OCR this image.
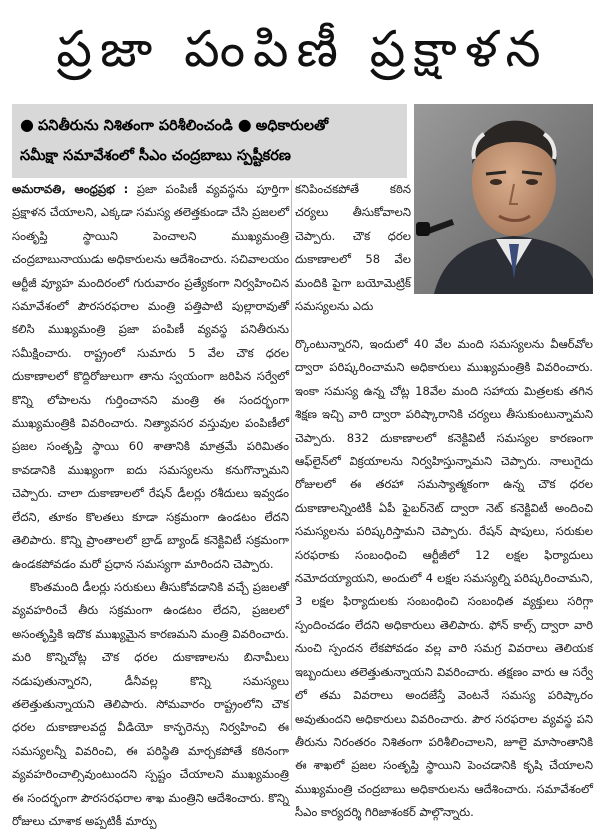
ప్రజా పంపిణీ ప్రక్షాళన
● పనితీరును నిశితంగా పరిశీలించండి ● అధికారులతో
సమీక్షా సమావేశంలో సీఎం చంద్రబాబు స్పష్టీకరణ

అమరావతి, ఆంధ్రప్రభ : ప్రజా పంపిణీ వ్యవస్థను పూర్తిగా ప్రక్షాళన చేయాలని, ఎక్కడా సమస్య తలెత్తకుండా చేసి ప్రజలలో సంతృప్తి స్థాయిని పెంచాలని ముఖ్యమంత్రి చంద్రబాబునాయుడు అధికారులను ఆదేశించారు. సచివాలయం ఆర్టీజీ వ్యూహ మందిరంలో గురువారం ప్రత్యేకంగా నిర్వహించిన సమావేశంలో పౌరసరఫరాల మంత్రి పత్తిపాటి పుల్లారావుతో కలిసి ముఖ్యమంత్రి ప్రజా పంపిణీ వ్యవస్థ పనితీరును సమీక్షించారు. రాష్ట్రంలో సుమారు 5 వేల చౌక ధరల దుకాణాలలో కొద్దిరోజులుగా తాను స్వయంగా జరిపిన సర్వేలో కొన్ని లోపాలను గుర్తించానని మంత్రి ఈ సందర్భంగా ముఖ్యమంత్రికి వివరించారు. నిత్యావసర వస్తువుల పంపిణీలో ప్రజల సంతృప్తి స్థాయి 60 శాతానికి మాత్రమే పరిమితం కావడానికి ముఖ్యంగా ఐదు సమస్యలను కనుగొన్నామని చెప్పారు. చాలా దుకాణాలలో రేషన్ డీలర్లు రశీదులు ఇవ్వడం లేదని, తూకం కొలతలు కూడా సక్రమంగా ఉండటం లేదని తెలిపారు. కొన్ని ప్రాంతాలలో బ్రాడ్ బ్యాండ్ కనెక్టివిటీ సక్రమంగా ఉండకపోవడం మరో ప్రధాన సమస్యగా మారిందని చెప్పారు.

కొంతమంది డీలర్లు సరుకులు తీసుకోవడానికి వచ్చే ప్రజలతో వ్యవహరించే తీరు సక్రమంగా ఉండటం లేదని, ప్రజలలో అసంతృప్తికి ఇదొక ముఖ్యమైన కారణమని మంత్రి వివరించారు. మరి కొన్నిచోట్ల చౌక ధరల దుకాణాలను బినామీలు నడుపుతున్నారని, డీనీవల్ల కొన్ని సమస్యలు తలెత్తుతున్నాయని తెలిపారు. సోమవారం రాష్ట్రంలోని చౌక ధరల దుకాణాలవద్ద వీడియో కాన్ఫరెన్సు నిర్వహించి ఈ సమస్యలన్నీ వివరించి, ఈ పరిస్థితి మార్చకపోతే కఠినంగా వ్యవహరించాల్సివుంటుందని స్పష్టం చేయాలని ముఖ్యమంత్రి ఈ సందర్భంగా పౌరసరఫరాల శాఖ మంత్రిని ఆదేశించారు. కొన్ని రోజులు చూశాక అప్పటికీ మార్పు

కనిపించకపోతే కఠిన చర్యలు తీసుకోవాలని చెప్పారు. చౌక ధరల దుకాణాలలో 58 వేల మందికి పైగా బయోమెట్రిక్ సమస్యలను ఎదు

ర్కొంటున్నారని, ఇందులో 40 వేల మంది సమస్యలను వీఆర్‌వోల ద్వారా పరిష్కరించామని అధికారులు ముఖ్యమంత్రికి వివరించారు. ఇంకా సమస్య ఉన్న చోట్ల 18వేల మంది సహాయ మిత్రలకు తగిన శిక్షణ ఇచ్చి వారి ద్వారా పరిష్కారానికి చర్యలు తీసుకుంటున్నామని చెప్పారు. 832 దుకాణాలలో కనెక్టివిటీ సమస్యల కారణంగా ఆఫ్‌లైన్‌లో విక్రయాలను నిర్వహిస్తున్నామని చెప్పారు. నాలుగైదు రోజులలో ఈ తరహా సమస్యాత్మకంగా ఉన్న చౌక ధరల దుకాణాలన్నింటికీ ఏపీ ఫైబర్‌నెట్ ద్వారా నెట్ కనెక్టివిటీ అందించి సమస్యలను పరిష్కరిస్తామని చెప్పారు. రేషన్ షాపులు, సరుకుల సరఫరాకు సంబంధించి ఆర్టీజీలో 12 లక్షల ఫిర్యాదులు నమోదయ్యాయని, అందులో 4 లక్షల సమస్యల్ని పరిష్కరించామని, 3 లక్షల ఫిర్యాదులకు సంబంధించి సంబంధిత వ్యక్తులు సరిగ్గా స్పందించడం లేదని అధికారులు తెలిపారు. ఫోన్‌ కాల్స్ ద్వారా వారి నుంచి స్పందన లేకపోవడం వల్ల వారి సమగ్ర వివరాలు తెలియక ఇబ్బందులు తలెత్తుతున్నాయని వివరించారు. తక్షణం వారు ఆ సర్వే లో తమ వివరాలు అందజేస్తే వెంటనే సమస్య పరిష్కారం అవుతుందని అధికారులు వివరించారు. పౌర సరఫరాల వ్యవస్థ పని తీరును నిరంతరం నిశితంగా పరిశీలించాలని, జూలై మాసాంతానికి ఈ శాఖలో ప్రజల సంతృప్తి స్థాయిని పెంచడానికి కృషి చేయాలని ముఖ్యమంత్రి చంద్రబాబు అధికారులను ఆదేశించారు. సమావేశంలో సీఎం కార్యదర్శి గిరిజాశంకర్ పాల్గొన్నారు.
